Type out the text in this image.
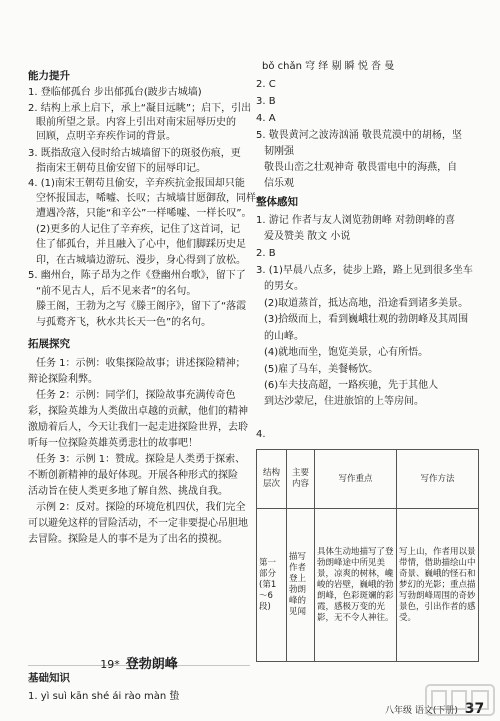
能力提升
1. 登临郁孤台 步出郁孤台(跛步古城墙)
2. 结构上承上启下，承上“凝目远眺”；启下，引出
眼前所望之景。内容上引出对南宋屈辱历史的
回顾，点明辛弃疾作词的背景。
3. 既指敌寇入侵时给古城墙留下的斑驳伤痕，更
指南宋王朝苟且偷安留下的屈辱印记。
4. (1)南宋王朝苟且偷安，辛弃疾抗金报国却只能
空怀报国志，唏嘘、长叹；古城墙甘愿御敌，同样
遭遇冷落，只能“和辛公”一样唏嘘、一样长叹”。
(2)更多的人记住了辛弃疾，记住了这首词，记
住了郁孤台，并且融入了心中，他们脚踩历史足
印，在古城墙边游玩、漫步，身心得到了放松。
5. 幽州台，陈子昂为之作《登幽州台歌》，留下了
“前不见古人，后不见来者”的名句。
滕王阁，王勃为之写《滕王阁序》，留下了“落霞
与孤鹜齐飞，秋水共长天一色”的名句。
拓展探究
任务 1：示例：收集探险故事；讲述探险精神；
辩论探险利弊。
任务 2：示例：同学们，探险故事充满传奇色
彩，探险英雄为人类做出卓越的贡献，他们的精神
激励着后人，今天让我们一起走进探险世界，去聆
听每一位探险英雄英勇悲壮的故事吧！
任务 3：示例 1：赞成。探险是人类勇于探索、
不断创新精神的最好体现。开展各种形式的探险
活动旨在使人类更多地了解自然、挑战自我。
示例 2：反对。探险的环境危机四伏，我们完全
可以避免这样的冒险活动，不一定非要提心吊胆地
去冒险。探险是人的事不是为了出名的摸视。
19* 登勃朗峰
基础知识
1. yì suì kān shé ái rào màn 蛰
bǒ chǎn 穹 绎 剔 瞬 悦 沓 曼
2. C
3. B
4. A
5. 敬畏黄河之波涛汹涌 敬畏荒漠中的胡杨，坚
韧刚强
敬畏山峦之壮观神奇 敬畏雷电中的海燕，自
信乐观
整体感知
1. 游记 作者与友人浏览勃朗峰 对勃朗峰的喜
爱及赞美 散文 小说
2. B
3. (1)早晨八点多，徒步上路，路上见到很多坐车
的男女。
(2)取道蒸首，抵达高地，沿途看到诸多美景。
(3)拾级而上，看到巍峨壮观的勃朗峰及其周围
的山峰。
(4)就地而坐，饱览美景，心有所悟。
(5)雇了马车，美餐畅饮。
(6)车夫技高超，一路疾驰，先于其他人
到达沙蒙尼，住进旅馆的上等房间。
4.
结构层次	主要内容	写作重点	写作方法
第一部分(第1～6段)	描写作者登上勃朗峰的见闻	具体生动地描写了登勃朗峰途中所见美景，凉爽的树林，巉峻的岩壁，巍峨的勃朗峰，色彩斑斓的彩霞，感极万变的光影，无不令人神往。	写上山，作者用以景带情，借助描绘山中奇景、巍峨的怪石和梦幻的光影；重点描写勃朗峰周围的奇妙景色，引出作者的感受。
八年级 语文(下册) 37
